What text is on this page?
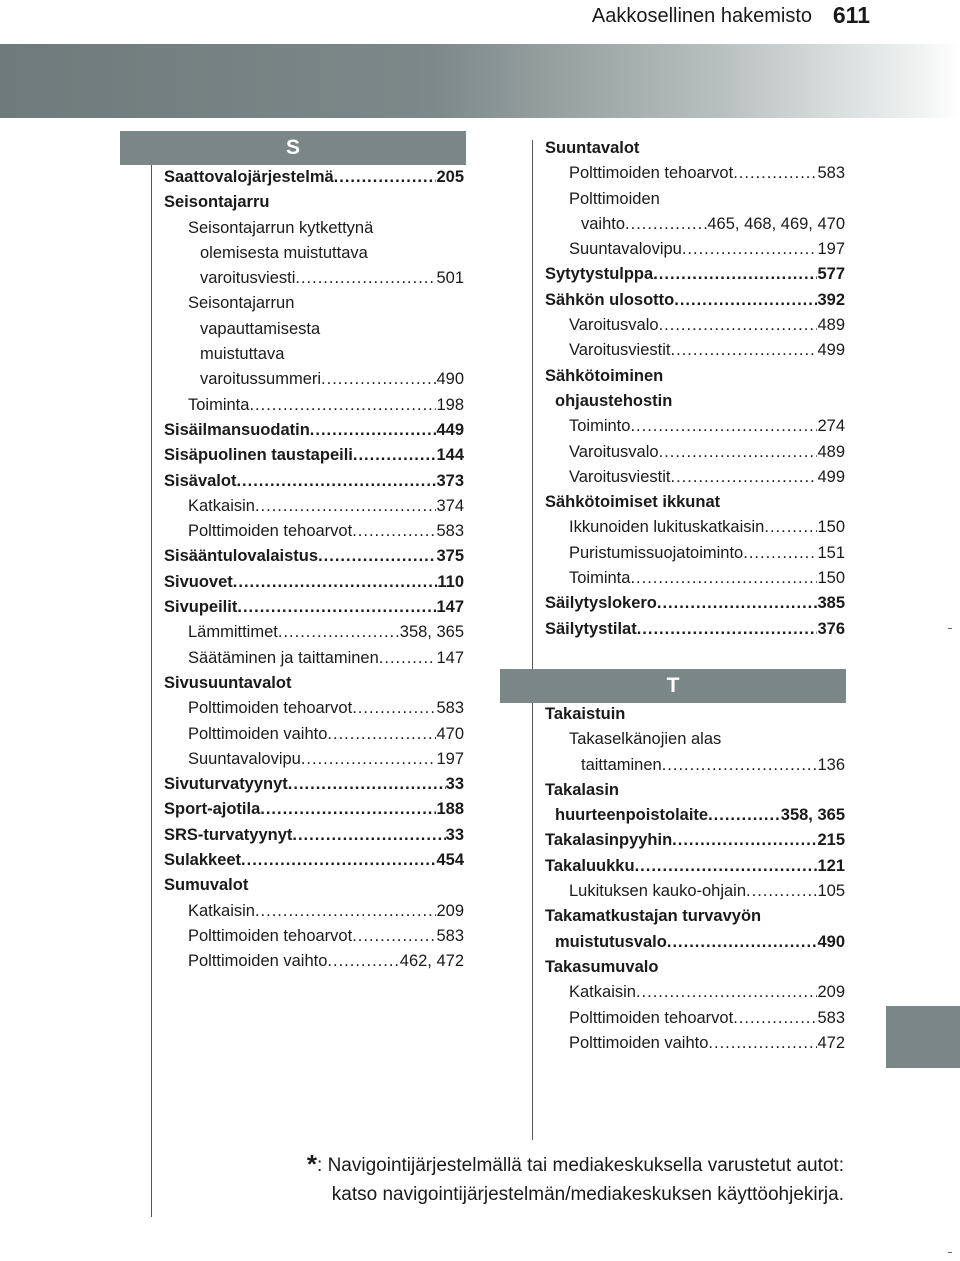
Aakkosellinen hakemisto 611
S
T
Saattovalojärjestelmä .....	205
Seisontajarru
Seisontajarrun kytkettynä
olemisesta muistuttava
varoitusviesti .....	501
Seisontajarrun
vapauttamisesta
muistuttava
varoitussummeri .....	490
Toiminta .....	198
Sisäilmansuodatin .....	449
Sisäpuolinen taustapeili .....	144
Sisävalot .....	373
Katkaisin .....	374
Polttimoiden tehoarvot .....	583
Sisääntulovalaistus .....	375
Sivuovet .....	110
Sivupeilit .....	147
Lämmittimet .....	358, 365
Säätäminen ja taittaminen .....	147
Sivusuuntavalot
Polttimoiden tehoarvot .....	583
Polttimoiden vaihto .....	470
Suuntavalovipu .....	197
Sivuturvatyynyt .....	33
Sport-ajotila .....	188
SRS-turvatyynyt .....	33
Sulakkeet .....	454
Sumuvalot
Katkaisin .....	209
Polttimoiden tehoarvot .....	583
Polttimoiden vaihto .....	462, 472
Suuntavalot
Polttimoiden tehoarvot .....	583
Polttimoiden
vaihto .....	465, 468, 469, 470
Suuntavalovipu .....	197
Sytytystulppa .....	577
Sähkön ulosotto .....	392
Varoitusvalo .....	489
Varoitusviestit .....	499
Sähkötoiminen
ohjaustehostin
Toiminto .....	274
Varoitusvalo .....	489
Varoitusviestit .....	499
Sähkötoimiset ikkunat
Ikkunoiden lukituskatkaisin .....	150
Puristumissuojatoiminto .....	151
Toiminta .....	150
Säilytyslokero .....	385
Säilytystilat .....	376
Takaistuin
Takaselkänojien alas
taittaminen .....	136
Takalasin
huurteenpoistolaite .....	358, 365
Takalasinpyyhin .....	215
Takaluukku .....	121
Lukituksen kauko-ohjain .....	105
Takamatkustajan turvavyön
muistutusvalo .....	490
Takasumuvalo
Katkaisin .....	209
Polttimoiden tehoarvot .....	583
Polttimoiden vaihto .....	472
*: Navigointijärjestelmällä tai mediakeskuksella varustetut autot:
katso navigointijärjestelmän/mediakeskuksen käyttöohjekirja.
